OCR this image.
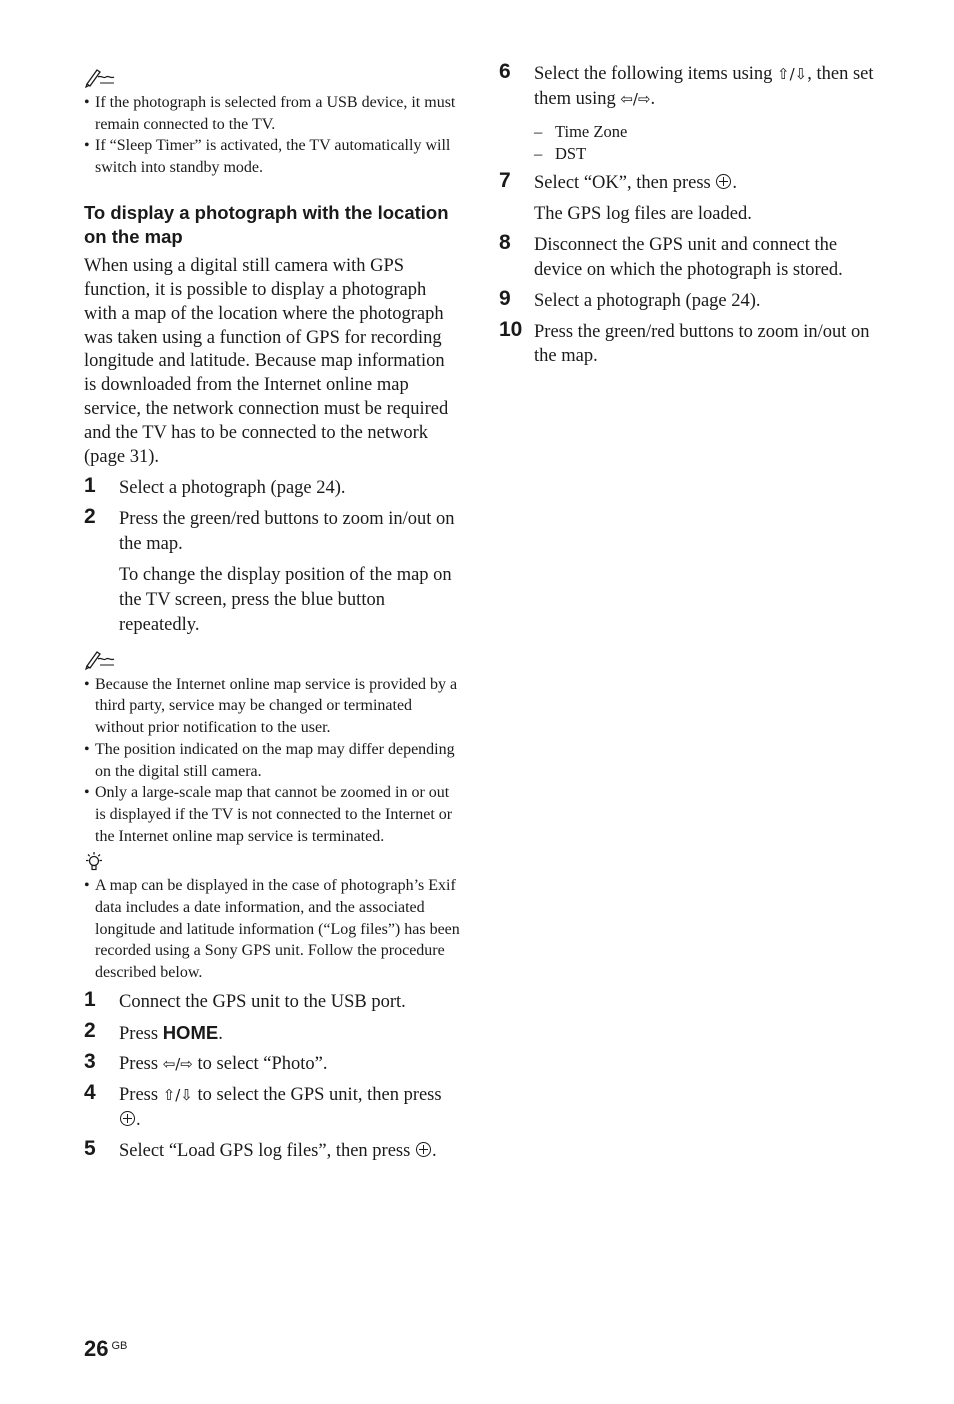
• If the photograph is selected from a USB device, it must remain connected to the TV.
• If “Sleep Timer” is activated, the TV automatically will switch into standby mode.
To display a photograph with the location on the map

When using a digital still camera with GPS function, it is possible to display a photograph with a map of the location where the photograph was taken using a function of GPS for recording longitude and latitude. Because map information is downloaded from the Internet online map service, the network connection must be required and the TV has to be connected to the network (page 31).

1 Select a photograph (page 24).
2 Press the green/red buttons to zoom in/out on the map.
To change the display position of the map on the TV screen, press the blue button repeatedly.
• Because the Internet online map service is provided by a third party, service may be changed or terminated without prior notification to the user.
• The position indicated on the map may differ depending on the digital still camera.
• Only a large-scale map that cannot be zoomed in or out is displayed if the TV is not connected to the Internet or the Internet online map service is terminated.
• A map can be displayed in the case of photograph’s Exif data includes a date information, and the associated longitude and latitude information (“Log files”) has been recorded using a Sony GPS unit. Follow the procedure described below.
1 Connect the GPS unit to the USB port.
2 Press HOME.
3 Press ⇦/⇨ to select “Photo”.
4 Press ⇧/⇩ to select the GPS unit, then press .
5 Select “Load GPS log files”, then press .
6 Select the following items using ⇧/⇩, then set them using ⇦/⇨.
– Time Zone
– DST
7 Select “OK”, then press .
The GPS log files are loaded.
8 Disconnect the GPS unit and connect the device on which the photograph is stored.
9 Select a photograph (page 24).
10 Press the green/red buttons to zoom in/out on the map.
26 $^{GB}$
